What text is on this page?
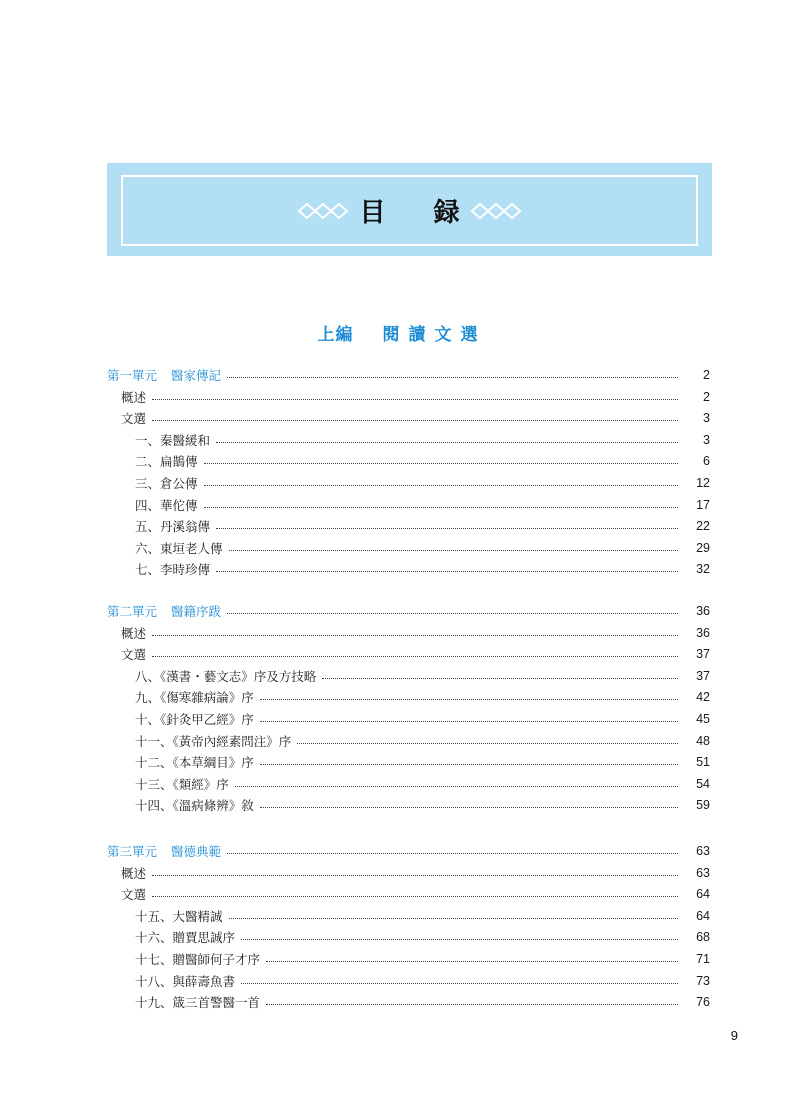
目 録
上編 閱 讀 文 選
第一單元 醫家傳記	2
概述	2
文選	3
一、秦醫緩和	3
二、扁鵲傳	6
三、倉公傳	12
四、華佗傳	17
五、丹溪翁傳	22
六、東垣老人傳	29
七、李時珍傳	32
第二單元 醫籍序跋	36
概述	36
文選	37
八、《漢書・藝文志》序及方技略	37
九、《傷寒雜病論》序	42
十、《針灸甲乙經》序	45
十一、《黃帝內經素問注》序	48
十二、《本草綱目》序	51
十三、《類經》序	54
十四、《溫病條辨》敘	59
第三單元 醫德典範	63
概述	63
文選	64
十五、大醫精誠	64
十六、贈賈思誠序	68
十七、贈醫師何子才序	71
十八、與薛壽魚書	73
十九、箴三首警醫一首	76
9
